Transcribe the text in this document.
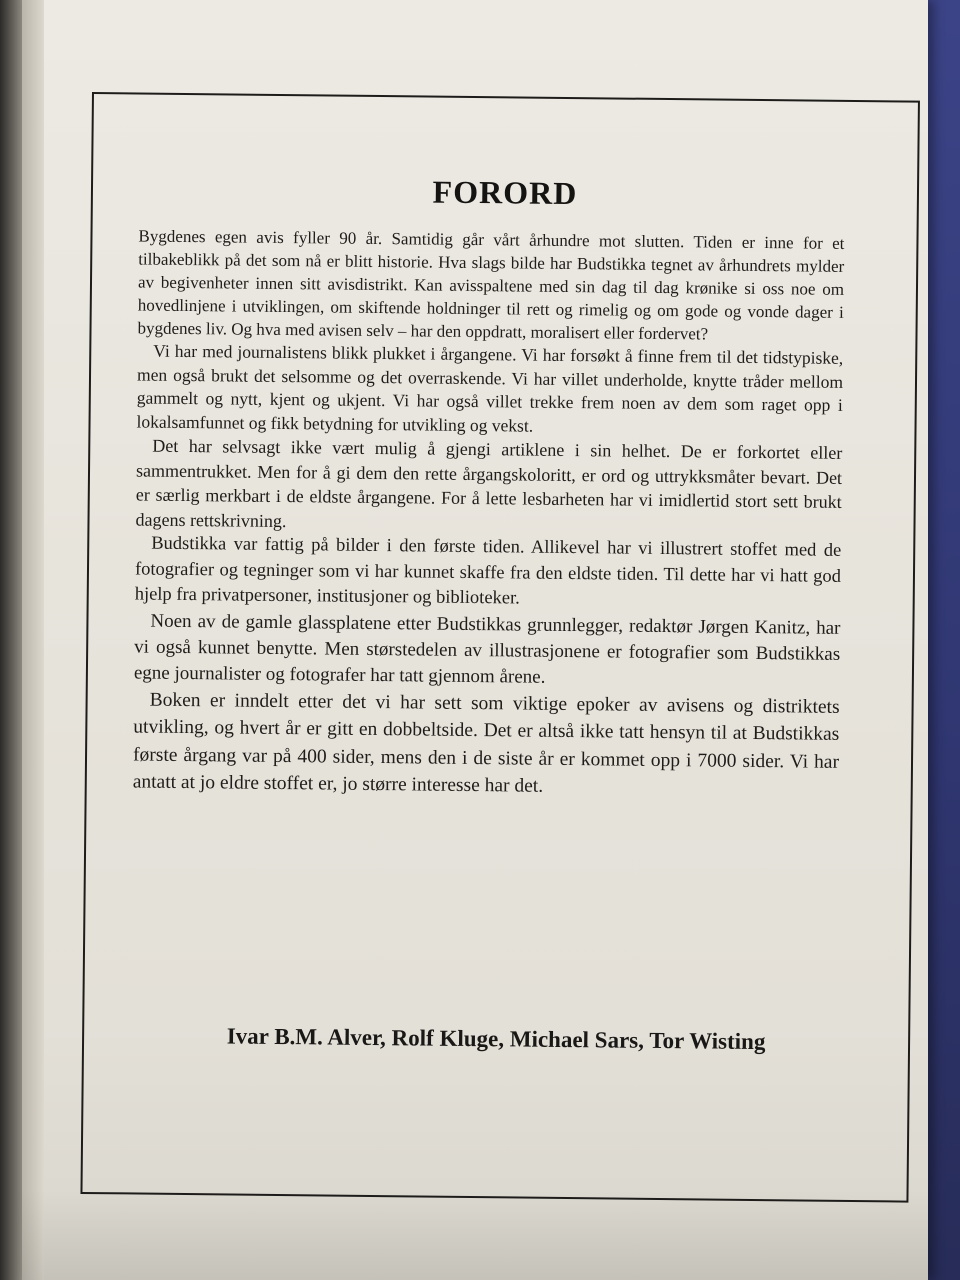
FORORD

Bygdenes egen avis fyller 90 år. Samtidig går vårt århundre mot slutten. Tiden er inne for et tilbakeblikk på det som nå er blitt historie. Hva slags bilde har Budstikka tegnet av århundrets mylder av begivenheter innen sitt avisdistrikt. Kan avisspaltene med sin dag til dag krønike si oss noe om hovedlinjene i utviklingen, om skiftende holdninger til rett og rimelig og om gode og vonde dager i bygdenes liv. Og hva med avisen selv – har den oppdratt, moralisert eller fordervet?

Vi har med journalistens blikk plukket i årgangene. Vi har forsøkt å finne frem til det tidstypiske, men også brukt det selsomme og det overraskende. Vi har villet underholde, knytte tråder mellom gammelt og nytt, kjent og ukjent. Vi har også villet trekke frem noen av dem som raget opp i lokalsamfunnet og fikk betydning for utvikling og vekst.

Det har selvsagt ikke vært mulig å gjengi artiklene i sin helhet. De er forkortet eller sammentrukket. Men for å gi dem den rette årgangskoloritt, er ord og uttrykksmåter bevart. Det er særlig merkbart i de eldste årgangene. For å lette lesbarheten har vi imidlertid stort sett brukt dagens rettskrivning.

Budstikka var fattig på bilder i den første tiden. Allikevel har vi illustrert stoffet med de fotografier og tegninger som vi har kunnet skaffe fra den eldste tiden. Til dette har vi hatt god hjelp fra privatpersoner, institusjoner og biblioteker.

Noen av de gamle glassplatene etter Budstikkas grunnlegger, redaktør Jørgen Kanitz, har vi også kunnet benytte. Men størstedelen av illustrasjonene er fotografier som Budstikkas egne journalister og fotografer har tatt gjennom årene.

Boken er inndelt etter det vi har sett som viktige epoker av avisens og distriktets utvikling, og hvert år er gitt en dobbeltside. Det er altså ikke tatt hensyn til at Budstikkas første årgang var på 400 sider, mens den i de siste år er kommet opp i 7000 sider. Vi har antatt at jo eldre stoffet er, jo større interesse har det.

Ivar B.M. Alver, Rolf Kluge, Michael Sars, Tor Wisting
